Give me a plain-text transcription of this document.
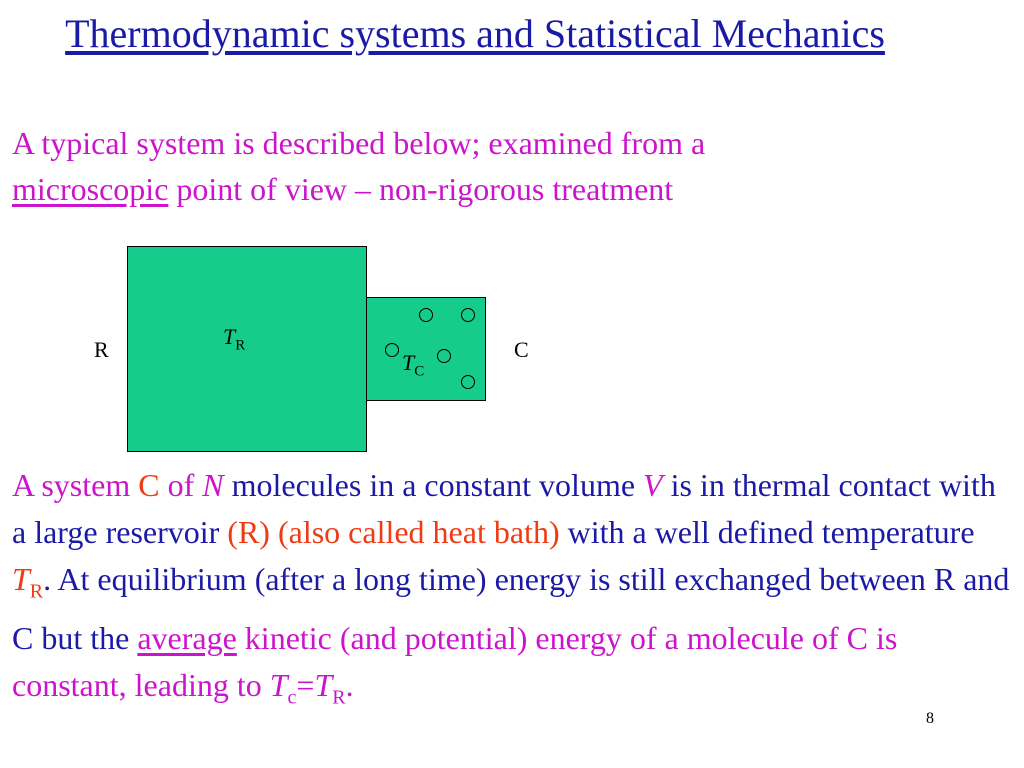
Thermodynamic systems and Statistical Mechanics
A typical system is described below; examined from a
microscopic point of view – non-rigorous treatment
R
$T_R$
$T_C$
C
A system C of N molecules in a constant volume V is in thermal contact with a large reservoir (R) (also called heat bath) with a well defined temperature $T_R$. At equilibrium (after a long time) energy is still exchanged between R and C but the average kinetic (and potential) energy of a molecule of C is constant, leading to $T_c=T_R$.
8
